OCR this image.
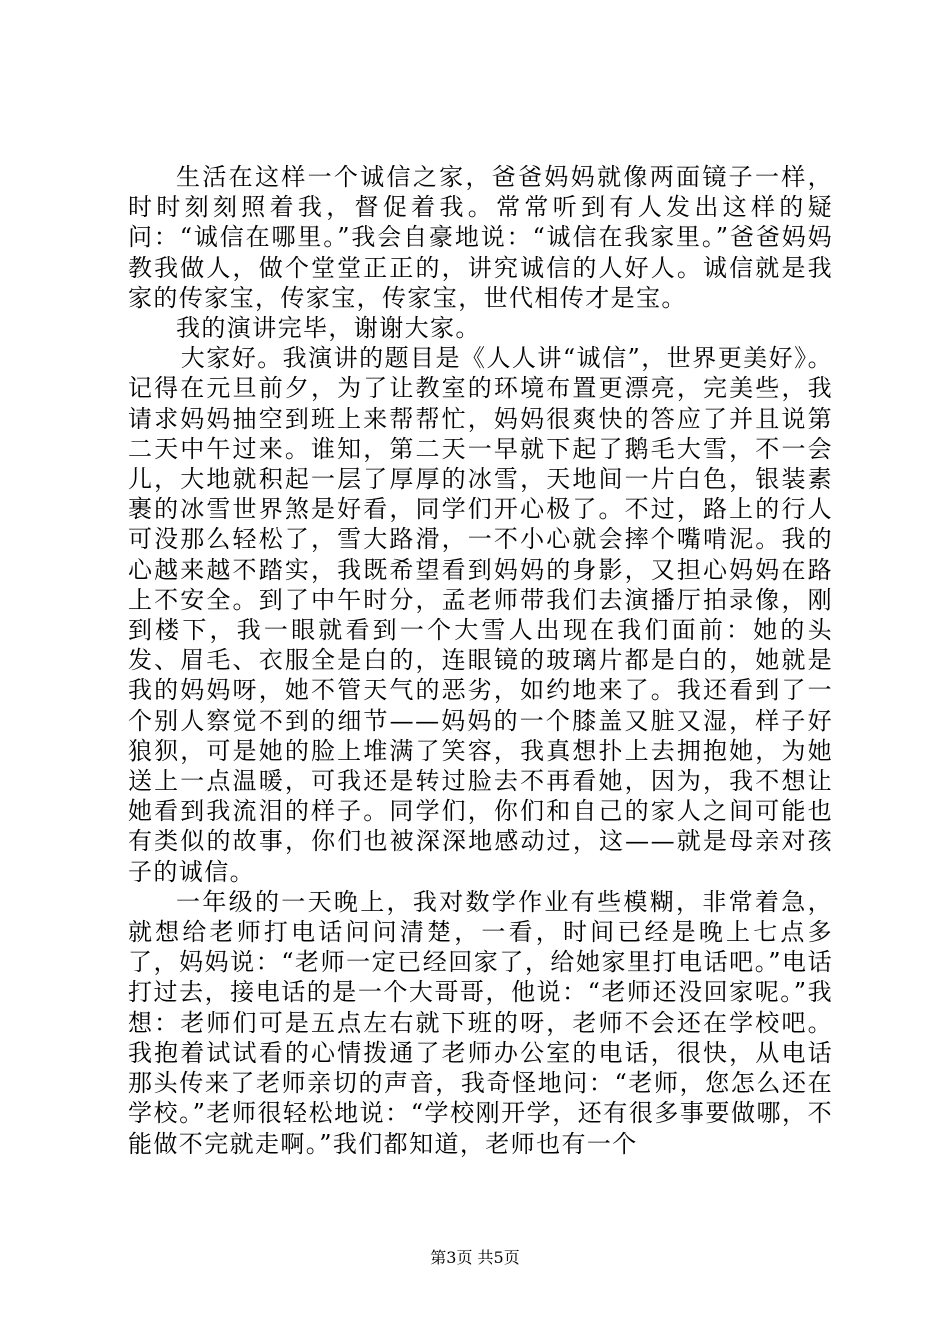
生活在这样一个诚信之家，爸爸妈妈就像两面镜子一样，时时刻刻照着我，督促着我。常常听到有人发出这样的疑问：“诚信在哪里。”我会自豪地说：“诚信在我家里。”爸爸妈妈教我做人，做个堂堂正正的，讲究诚信的人好人。诚信就是我家的传家宝，传家宝，传家宝，世代相传才是宝。

我的演讲完毕，谢谢大家。

大家好。我演讲的题目是《人人讲“诚信”，世界更美好》。记得在元旦前夕，为了让教室的环境布置更漂亮，完美些，我请求妈妈抽空到班上来帮帮忙，妈妈很爽快的答应了并且说第二天中午过来。谁知，第二天一早就下起了鹅毛大雪，不一会儿，大地就积起一层了厚厚的冰雪，天地间一片白色，银装素裹的冰雪世界煞是好看，同学们开心极了。不过，路上的行人可没那么轻松了，雪大路滑，一不小心就会摔个嘴啃泥。我的心越来越不踏实，我既希望看到妈妈的身影，又担心妈妈在路上不安全。到了中午时分，孟老师带我们去演播厅拍录像，刚到楼下，我一眼就看到一个大雪人出现在我们面前：她的头发、眉毛、衣服全是白的，连眼镜的玻璃片都是白的，她就是我的妈妈呀，她不管天气的恶劣，如约地来了。我还看到了一个别人察觉不到的细节——妈妈的一个膝盖又脏又湿，样子好狼狈，可是她的脸上堆满了笑容，我真想扑上去拥抱她，为她送上一点温暖，可我还是转过脸去不再看她，因为，我不想让她看到我流泪的样子。同学们，你们和自己的家人之间可能也有类似的故事，你们也被深深地感动过，这——就是母亲对孩子的诚信。

一年级的一天晚上，我对数学作业有些模糊，非常着急，就想给老师打电话问问清楚，一看，时间已经是晚上七点多了，妈妈说：“老师一定已经回家了，给她家里打电话吧。”电话打过去，接电话的是一个大哥哥，他说：“老师还没回家呢。”我想：老师们可是五点左右就下班的呀，老师不会还在学校吧。我抱着试试看的心情拨通了老师办公室的电话，很快，从电话那头传来了老师亲切的声音，我奇怪地问：“老师，您怎么还在学校。”老师很轻松地说：“学校刚开学，还有很多事要做哪，不能做不完就走啊。”我们都知道，老师也有一个

第3页 共5页
